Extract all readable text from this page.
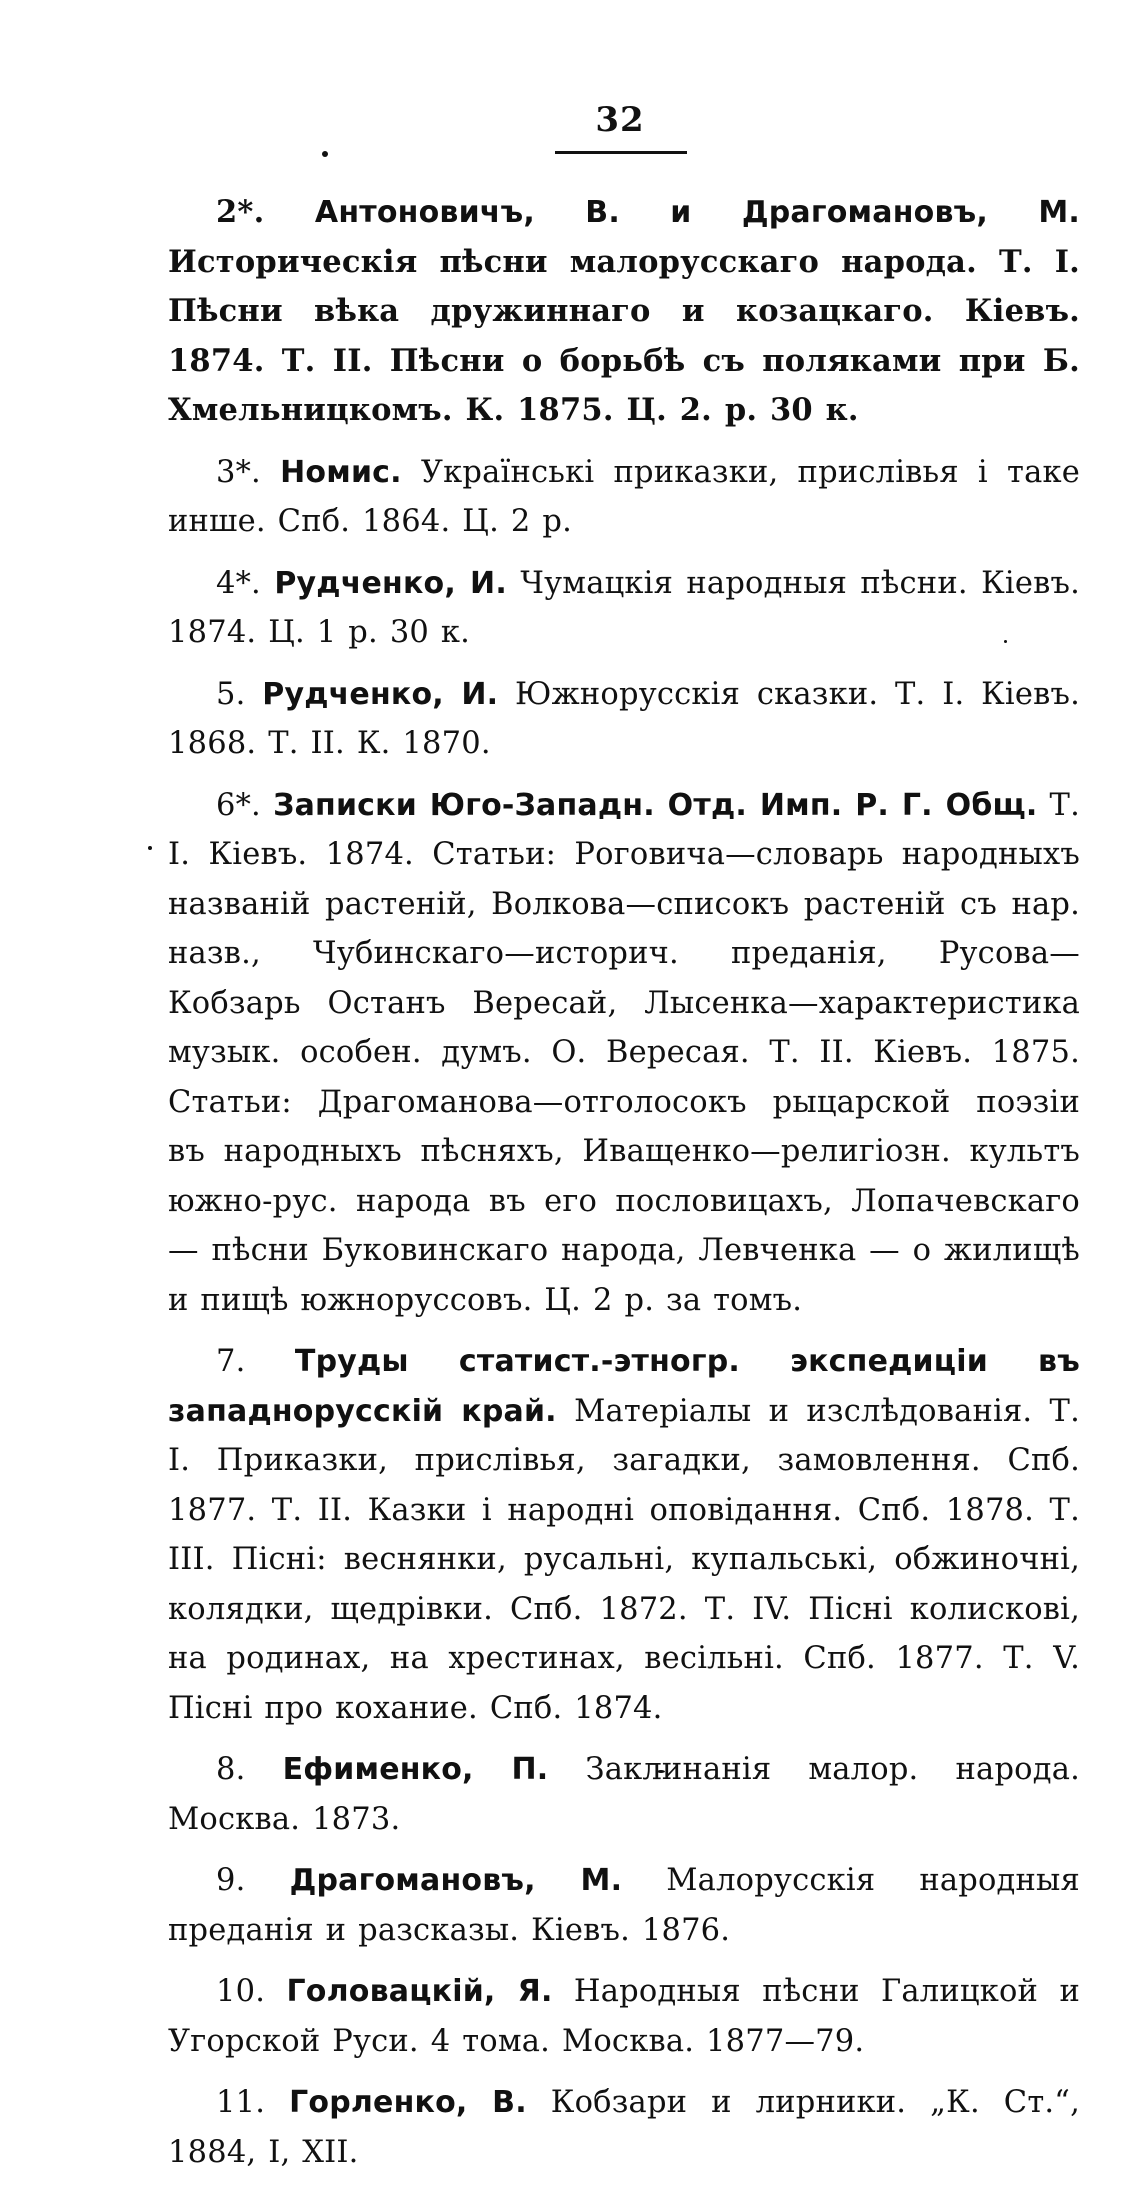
32

2*. Антоновичъ, В. и Драгомановъ, М. Историческія пѣсни малорусскаго народа. Т. I. Пѣсни вѣка дружиннаго и козацкаго. Кіевъ. 1874. Т. II. Пѣсни о борьбѣ съ поляками при Б. Хмельницкомъ. К. 1875. Ц. 2. р. 30 к.

3*. Номис. Украïнські приказки, прислівья і таке инше. Спб. 1864. Ц. 2 р.

4*. Рудченко, И. Чумацкія народныя пѣсни. Кіевъ. 1874. Ц. 1 р. 30 к.

5. Рудченко, И. Южнорусскія сказки. Т. I. Кіевъ. 1868. Т. II. К. 1870.

6*. Записки Юго-Западн. Отд. Имп. Р. Г. Общ. Т. I. Кіевъ. 1874. Статьи: Роговича—словарь народныхъ названій растеній, Волкова—списокъ растеній съ нар. назв., Чубинскаго—историч. преданія, Русова—Кобзарь Останъ Вересай, Лысенка—характеристика музык. особен. думъ. О. Вересая. Т. II. Кіевъ. 1875. Статьи: Драгоманова—отголосокъ рыцарской поэзіи въ народныхъ пѣсняхъ, Иващенко—религіозн. культъ южно-рус. народа въ его пословицахъ, Лопачевскаго — пѣсни Буковинскаго народа, Левченка — о жилищѣ и пищѣ южноруссовъ. Ц. 2 р. за томъ.

7. Труды статист.-этногр. экспедиціи въ западнорусскій край. Матеріалы и изслѣдованія. Т. I. Приказки, прислівья, загадки, замовлення. Спб. 1877. Т. II. Казки і народні оповідання. Спб. 1878. Т. III. Пісні: веснянки, русальні, купальські, обжиночні, колядки, щедрівки. Спб. 1872. Т. IV. Пісні колискові, на родинах, на хрестинах, весільні. Спб. 1877. Т. V. Пісні про кохание. Спб. 1874.

8. Ефименко, П. Заклинанія малор. народа. Москва. 1873.

9. Драгомановъ, М. Малорусскія народныя преданія и разсказы. Кіевъ. 1876.

10. Головацкій, Я. Народныя пѣсни Галицкой и Угорской Руси. 4 тома. Москва. 1877—79.

11. Горленко, В. Кобзари и лирники. „К. Ст.“, 1884, I, XII.
